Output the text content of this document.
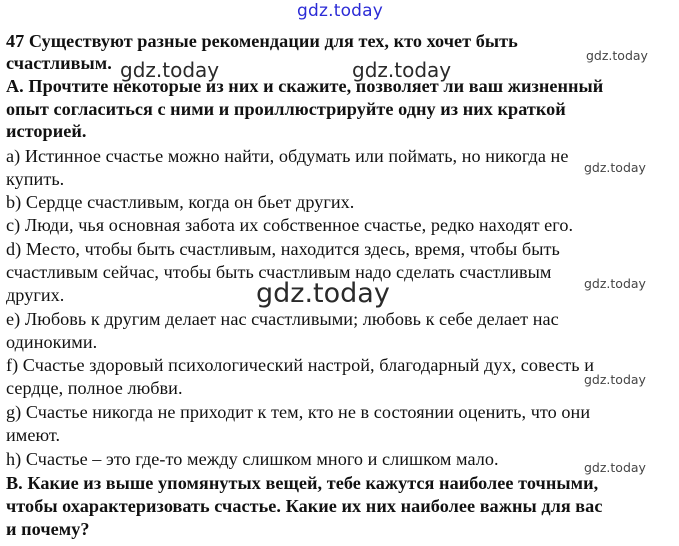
gdz.today
gdz.today	gdz.today
gdz.today
gdz.today
gdz.today
gdz.today
gdz.today
gdz.today
47 Существуют разные рекомендации для тех, кто хочет быть
счастливым.
A. Прочтите некоторые из них и скажите, позволяет ли ваш жизненный
опыт согласиться с ними и проиллюстрируйте одну из них краткой
историей.
a) Истинное счастье можно найти, обдумать или поймать, но никогда не
купить.
b) Сердце счастливым, когда он бьет других.
c) Люди, чья основная забота их собственное счастье, редко находят его.
d) Место, чтобы быть счастливым, находится здесь, время, чтобы быть
счастливым сейчас, чтобы быть счастливым надо сделать счастливым
других.
e) Любовь к другим делает нас счастливыми; любовь к себе делает нас
одинокими.
f) Счастье здоровый психологический настрой, благодарный дух, совесть и
сердце, полное любви.
g) Счастье никогда не приходит к тем, кто не в состоянии оценить, что они
имеют.
h) Счастье – это где-то между слишком много и слишком мало.
B. Какие из выше упомянутых вещей, тебе кажутся наиболее точными,
чтобы охарактеризовать счастье. Какие их них наиболее важны для вас
и почему?
